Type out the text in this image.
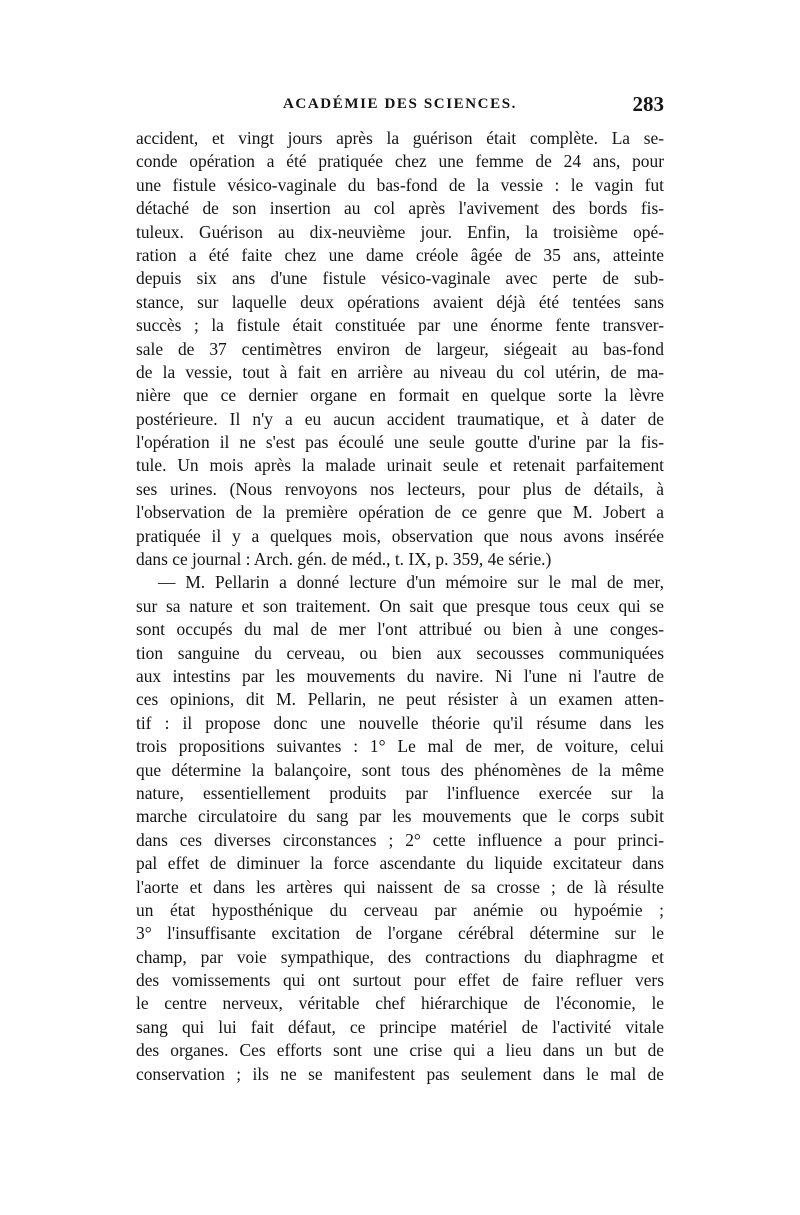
ACADÉMIE DES SCIENCES.	283
accident, et vingt jours après la guérison était complète. La se-
conde opération a été pratiquée chez une femme de 24 ans, pour
une fistule vésico-vaginale du bas-fond de la vessie : le vagin fut
détaché de son insertion au col après l'avivement des bords fis-
tuleux. Guérison au dix-neuvième jour. Enfin, la troisième opé-
ration a été faite chez une dame créole âgée de 35 ans, atteinte
depuis six ans d'une fistule vésico-vaginale avec perte de sub-
stance, sur laquelle deux opérations avaient déjà été tentées sans
succès ; la fistule était constituée par une énorme fente transver-
sale de 37 centimètres environ de largeur, siégeait au bas-fond
de la vessie, tout à fait en arrière au niveau du col utérin, de ma-
nière que ce dernier organe en formait en quelque sorte la lèvre
postérieure. Il n'y a eu aucun accident traumatique, et à dater de
l'opération il ne s'est pas écoulé une seule goutte d'urine par la fis-
tule. Un mois après la malade urinait seule et retenait parfaitement
ses urines. (Nous renvoyons nos lecteurs, pour plus de détails, à
l'observation de la première opération de ce genre que M. Jobert a
pratiquée il y a quelques mois, observation que nous avons insérée
dans ce journal : Arch. gén. de méd., t. IX, p. 359, 4e série.)
— M. Pellarin a donné lecture d'un mémoire sur le mal de mer,
sur sa nature et son traitement. On sait que presque tous ceux qui se
sont occupés du mal de mer l'ont attribué ou bien à une conges-
tion sanguine du cerveau, ou bien aux secousses communiquées
aux intestins par les mouvements du navire. Ni l'une ni l'autre de
ces opinions, dit M. Pellarin, ne peut résister à un examen atten-
tif : il propose donc une nouvelle théorie qu'il résume dans les
trois propositions suivantes : 1° Le mal de mer, de voiture, celui
que détermine la balançoire, sont tous des phénomènes de la même
nature, essentiellement produits par l'influence exercée sur la
marche circulatoire du sang par les mouvements que le corps subit
dans ces diverses circonstances ; 2° cette influence a pour princi-
pal effet de diminuer la force ascendante du liquide excitateur dans
l'aorte et dans les artères qui naissent de sa crosse ; de là résulte
un état hyposthénique du cerveau par anémie ou hypoémie ;
3° l'insuffisante excitation de l'organe cérébral détermine sur le
champ, par voie sympathique, des contractions du diaphragme et
des vomissements qui ont surtout pour effet de faire refluer vers
le centre nerveux, véritable chef hiérarchique de l'économie, le
sang qui lui fait défaut, ce principe matériel de l'activité vitale
des organes. Ces efforts sont une crise qui a lieu dans un but de
conservation ; ils ne se manifestent pas seulement dans le mal de
